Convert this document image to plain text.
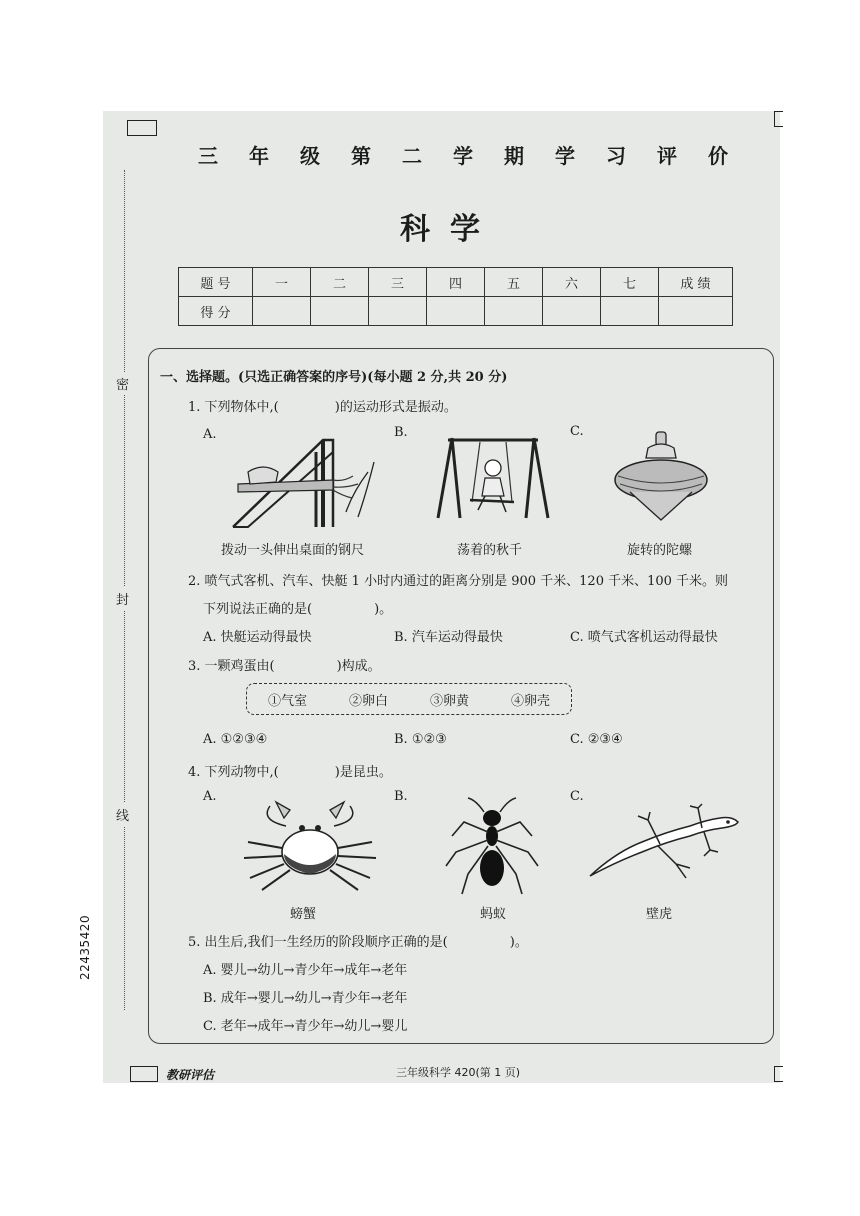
密
封
线
22435420
三 年 级 第 二 学 期 学 习 评 价
科学
题 号	一	二	三	四	五	六	七	成 绩
得 分								
一、选择题。(只选正确答案的序号)(每小题 2 分,共 20 分)
1. 下列物体中,(	)的运动形式是振动。
A.	B.	C.
拨动一头伸出桌面的钢尺	荡着的秋千	旋转的陀螺
2. 喷气式客机、汽车、快艇 1 小时内通过的距离分别是 900 千米、120 千米、100 千米。则
下列说法正确的是(	)。
A. 快艇运动得最快	B. 汽车运动得最快	C. 喷气式客机运动得最快
3. 一颗鸡蛋由(	)构成。
①气室	②卵白	③卵黄	④卵壳
A. ①②③④	B. ①②③	C. ②③④
4. 下列动物中,(	)是昆虫。
A.	B.	C.
螃蟹	蚂蚁	壁虎
5. 出生后,我们一生经历的阶段顺序正确的是(	)。
A. 婴儿→幼儿→青少年→成年→老年
B. 成年→婴儿→幼儿→青少年→老年
C. 老年→成年→青少年→幼儿→婴儿
教研评估	三年级科学 420(第 1 页)
